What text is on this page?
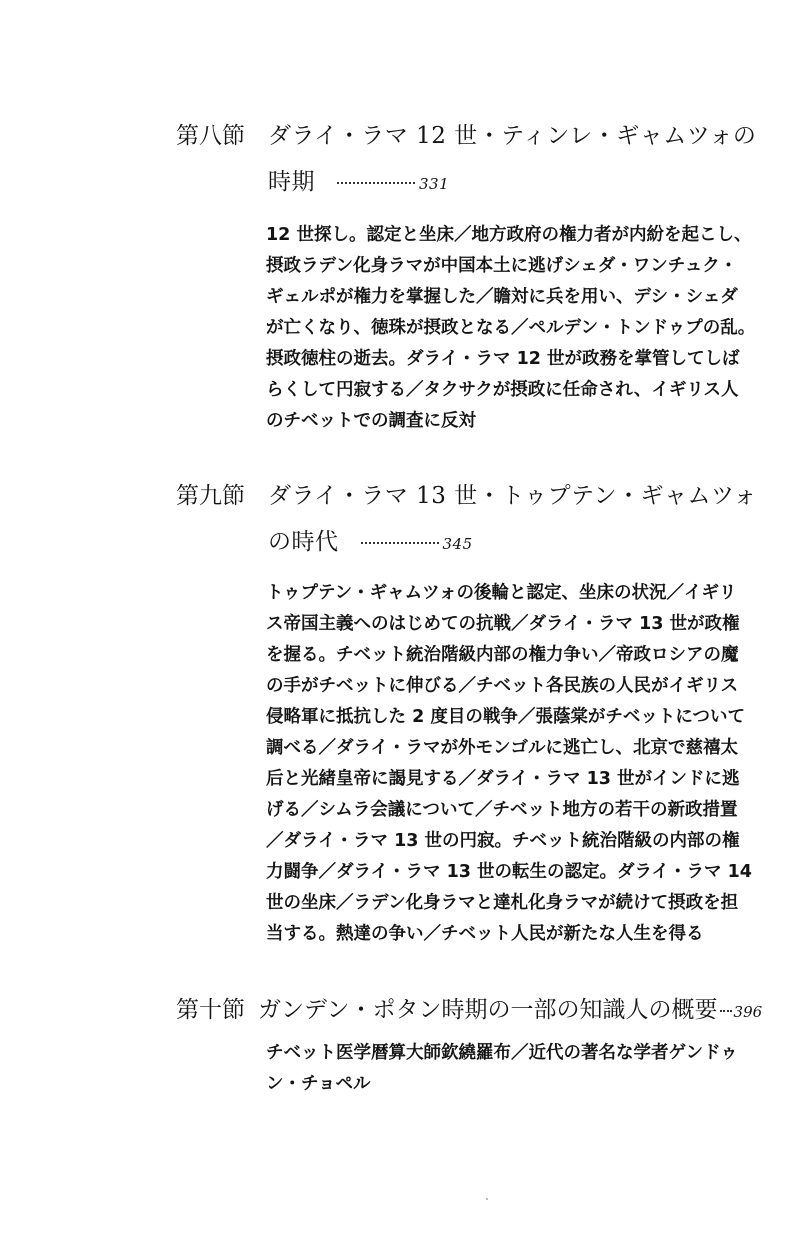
第八節 ダライ・ラマ 12 世・ティンレ・ギャムツォの
時期	331
12 世探し。認定と坐床／地方政府の権力者が内紛を起こし、
摂政ラデン化身ラマが中国本土に逃げシェダ・ワンチュク・
ギェルポが権力を掌握した／瞻対に兵を用い、デシ・シェダ
が亡くなり、徳珠が摂政となる／ペルデン・トンドゥプの乱。
摂政徳柱の逝去。ダライ・ラマ 12 世が政務を掌管してしば
らくして円寂する／タクサクが摂政に任命され、イギリス人
のチベットでの調査に反対
第九節 ダライ・ラマ 13 世・トゥプテン・ギャムツォ
の時代	345
トゥプテン・ギャムツォの後輪と認定、坐床の状況／イギリ
ス帝国主義へのはじめての抗戦／ダライ・ラマ 13 世が政権
を握る。チベット統治階級内部の権力争い／帝政ロシアの魔
の手がチベットに伸びる／チベット各民族の人民がイギリス
侵略軍に抵抗した 2 度目の戦争／張蔭棠がチベットについて
調べる／ダライ・ラマが外モンゴルに逃亡し、北京で慈禧太
后と光緒皇帝に謁見する／ダライ・ラマ 13 世がインドに逃
げる／シムラ会議について／チベット地方の若干の新政措置
／ダライ・ラマ 13 世の円寂。チベット統治階級の内部の権
力闘争／ダライ・ラマ 13 世の転生の認定。ダライ・ラマ 14
世の坐床／ラデン化身ラマと達札化身ラマが続けて摂政を担
当する。熱達の争い／チベット人民が新たな人生を得る
第十節 ガンデン・ポタン時期の一部の知識人の概要 396
チベット医学暦算大師欽繞羅布／近代の著名な学者ゲンドゥ
ン・チョペル
